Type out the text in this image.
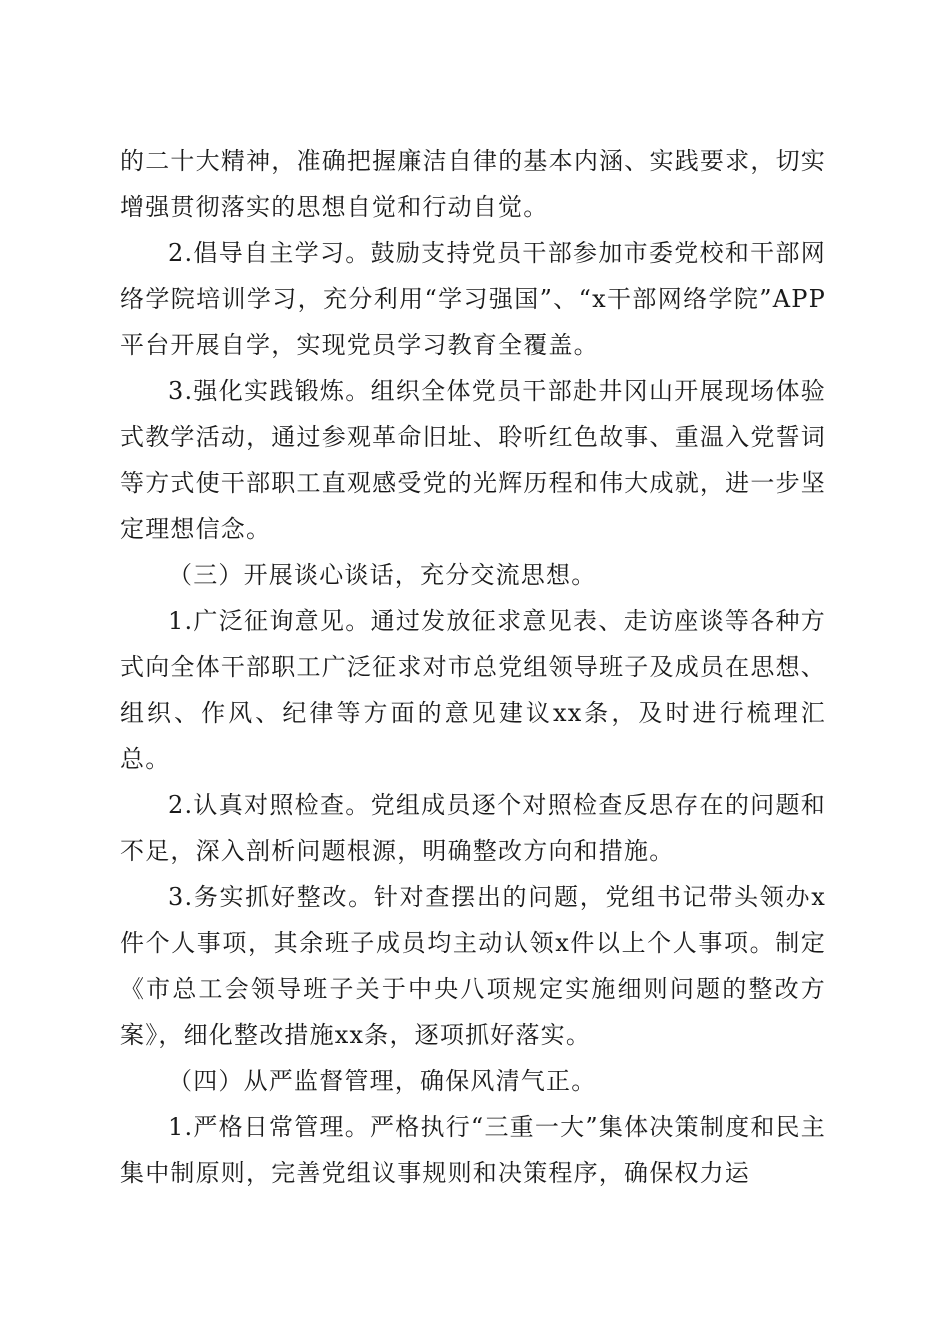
的二十大精神，准确把握廉洁自律的基本内涵、实践要求，切实增强贯彻落实的思想自觉和行动自觉。

2.倡导自主学习。鼓励支持党员干部参加市委党校和干部网络学院培训学习，充分利用“学习强国”、“x干部网络学院”APP平台开展自学，实现党员学习教育全覆盖。

3.强化实践锻炼。组织全体党员干部赴井冈山开展现场体验式教学活动，通过参观革命旧址、聆听红色故事、重温入党誓词等方式使干部职工直观感受党的光辉历程和伟大成就，进一步坚定理想信念。

（三）开展谈心谈话，充分交流思想。

1.广泛征询意见。通过发放征求意见表、走访座谈等各种方式向全体干部职工广泛征求对市总党组领导班子及成员在思想、组织、作风、纪律等方面的意见建议xx条，及时进行梳理汇总。

2.认真对照检查。党组成员逐个对照检查反思存在的问题和不足，深入剖析问题根源，明确整改方向和措施。

3.务实抓好整改。针对查摆出的问题，党组书记带头领办x件个人事项，其余班子成员均主动认领x件以上个人事项。制定《市总工会领导班子关于中央八项规定实施细则问题的整改方案》，细化整改措施xx条，逐项抓好落实。

（四）从严监督管理，确保风清气正。

1.严格日常管理。严格执行“三重一大”集体决策制度和民主集中制原则，完善党组议事规则和决策程序，确保权力运
